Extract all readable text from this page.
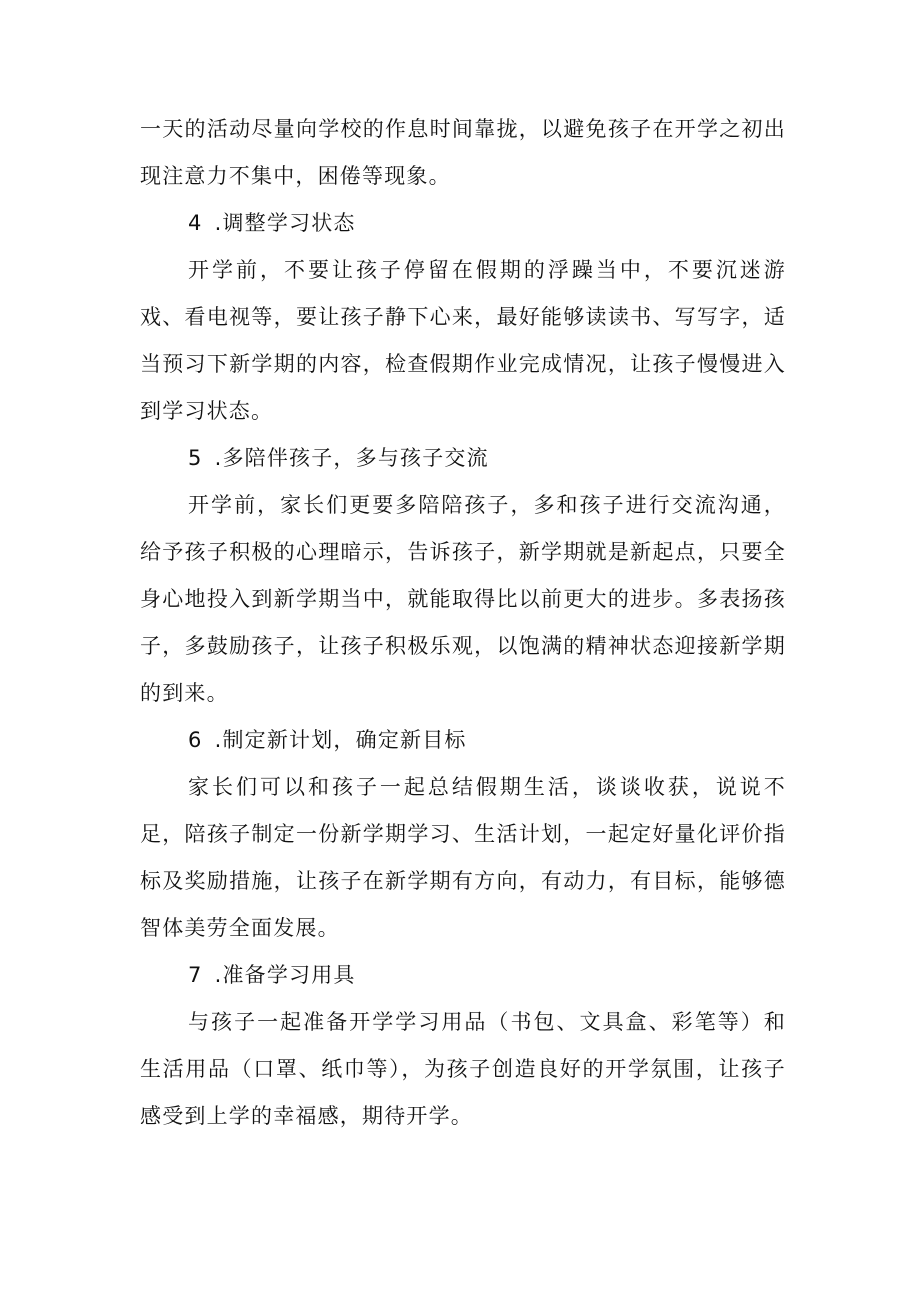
一天的活动尽量向学校的作息时间靠拢，以避免孩子在开学之初出现注意力不集中，困倦等现象。

4 .调整学习状态

开学前，不要让孩子停留在假期的浮躁当中，不要沉迷游戏、看电视等，要让孩子静下心来，最好能够读读书、写写字，适当预习下新学期的内容，检查假期作业完成情况，让孩子慢慢进入到学习状态。

5 .多陪伴孩子，多与孩子交流

开学前，家长们更要多陪陪孩子，多和孩子进行交流沟通，给予孩子积极的心理暗示，告诉孩子，新学期就是新起点，只要全身心地投入到新学期当中，就能取得比以前更大的进步。多表扬孩子，多鼓励孩子，让孩子积极乐观，以饱满的精神状态迎接新学期的到来。

6 .制定新计划，确定新目标

家长们可以和孩子一起总结假期生活，谈谈收获，说说不足，陪孩子制定一份新学期学习、生活计划，一起定好量化评价指标及奖励措施，让孩子在新学期有方向，有动力，有目标，能够德智体美劳全面发展。

7 .准备学习用具

与孩子一起准备开学学习用品（书包、文具盒、彩笔等）和生活用品（口罩、纸巾等），为孩子创造良好的开学氛围，让孩子感受到上学的幸福感，期待开学。
